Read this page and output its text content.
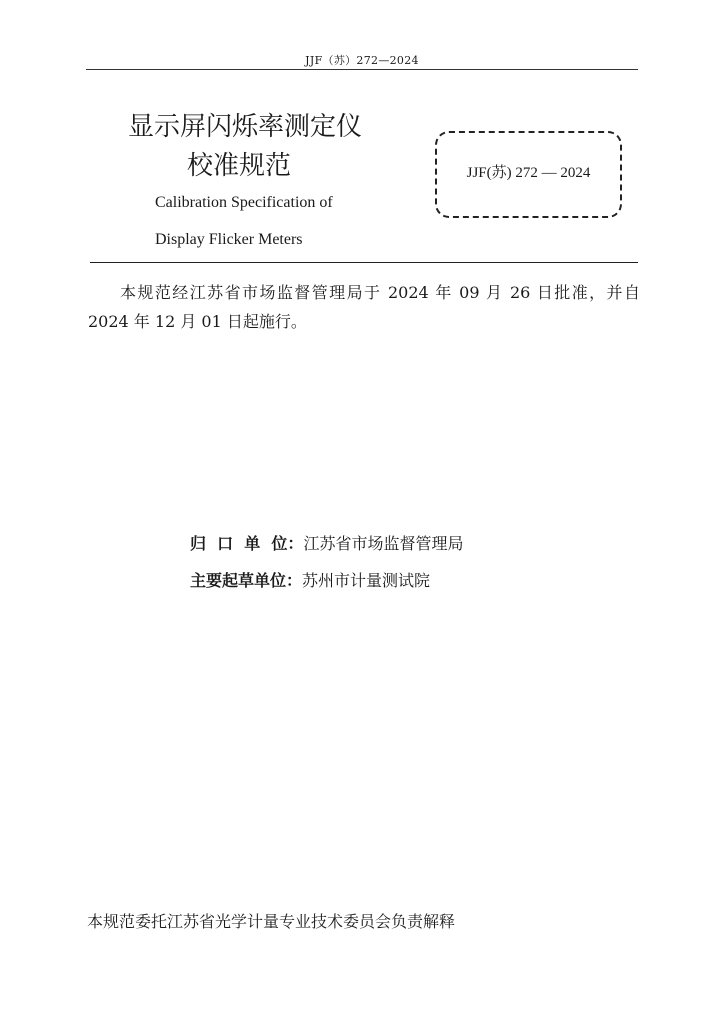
JJF（苏）272—2024
显示屏闪烁率测定仪
校准规范
Calibration Specification of
Display Flicker Meters
JJF(苏) 272 — 2024
本规范经江苏省市场监督管理局于 2024 年 09 月 26 日批准，并自 2024 年 12 月 01 日起施行。
归  口  单  位：江苏省市场监督管理局
主要起草单位：苏州市计量测试院
本规范委托江苏省光学计量专业技术委员会负责解释
